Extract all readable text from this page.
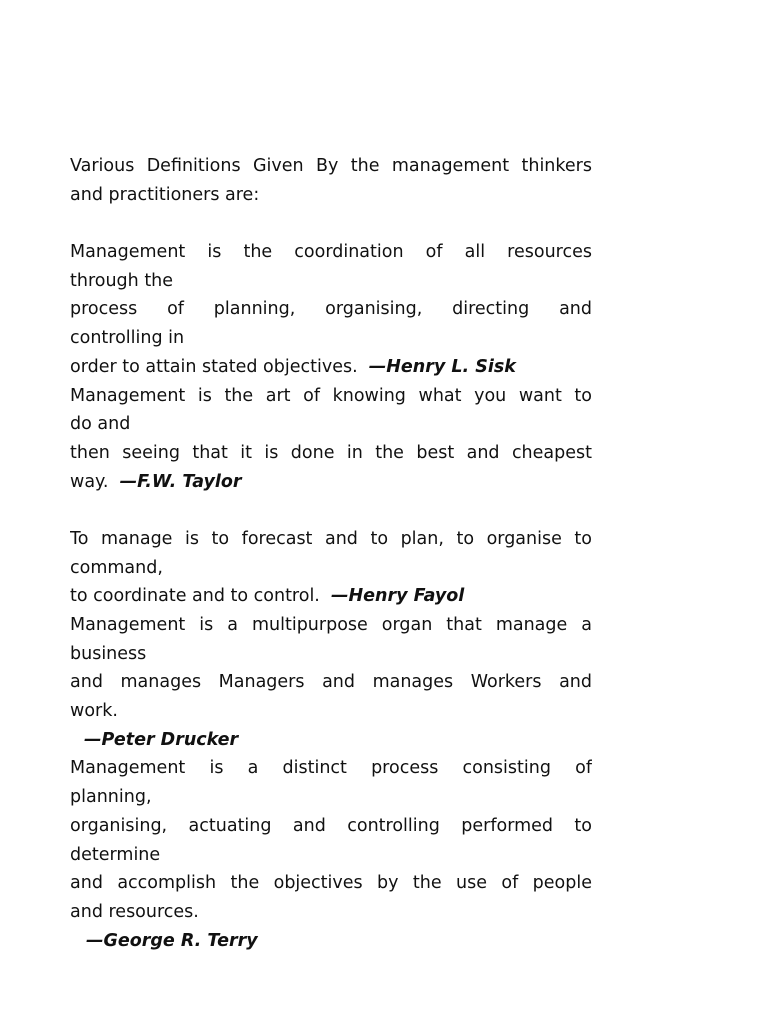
Various Definitions Given By the management thinkers
and practitioners are:
Management is the coordination of all resources
through the
process of planning, organising, directing and
controlling in
order to attain stated objectives. —Henry L. Sisk
Management is the art of knowing what you want to
do and
then seeing that it is done in the best and cheapest
way. —F.W. Taylor
To manage is to forecast and to plan, to organise to
command,
to coordinate and to control. —Henry Fayol
Management is a multipurpose organ that manage a
business
and manages Managers and manages Workers and
work.
—Peter Drucker
Management is a distinct process consisting of
planning,
organising, actuating and controlling performed to
determine
and accomplish the objectives by the use of people
and resources.
—George R. Terry
